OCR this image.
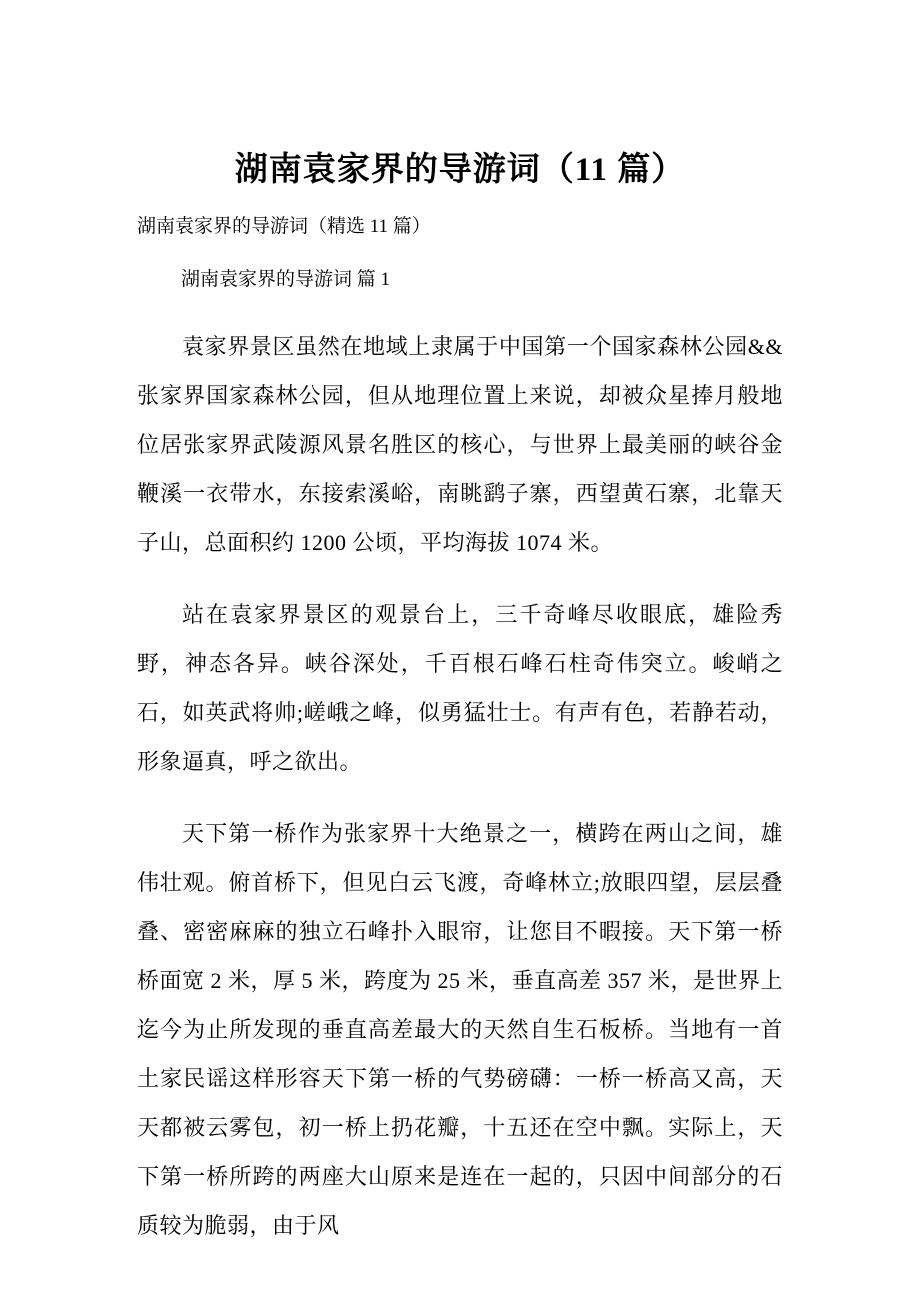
湖南袁家界的导游词（11 篇）

湖南袁家界的导游词（精选 11 篇）

湖南袁家界的导游词 篇 1

袁家界景区虽然在地域上隶属于中国第一个国家森林公园&&张家界国家森林公园，但从地理位置上来说，却被众星捧月般地位居张家界武陵源风景名胜区的核心，与世界上最美丽的峡谷金鞭溪一衣带水，东接索溪峪，南眺鹞子寨，西望黄石寨，北靠天子山，总面积约 1200 公顷，平均海拔 1074 米。

站在袁家界景区的观景台上，三千奇峰尽收眼底，雄险秀野，神态各异。峡谷深处，千百根石峰石柱奇伟突立。峻峭之石，如英武将帅;嵯峨之峰，似勇猛壮士。有声有色，若静若动，形象逼真，呼之欲出。

天下第一桥作为张家界十大绝景之一，横跨在两山之间，雄伟壮观。俯首桥下，但见白云飞渡，奇峰林立;放眼四望，层层叠叠、密密麻麻的独立石峰扑入眼帘，让您目不暇接。天下第一桥桥面宽 2 米，厚 5 米，跨度为 25 米，垂直高差 357 米，是世界上迄今为止所发现的垂直高差最大的天然自生石板桥。当地有一首土家民谣这样形容天下第一桥的气势磅礴：一桥一桥高又高，天天都被云雾包，初一桥上扔花瓣，十五还在空中飘。实际上，天下第一桥所跨的两座大山原来是连在一起的，只因中间部分的石质较为脆弱，由于风
